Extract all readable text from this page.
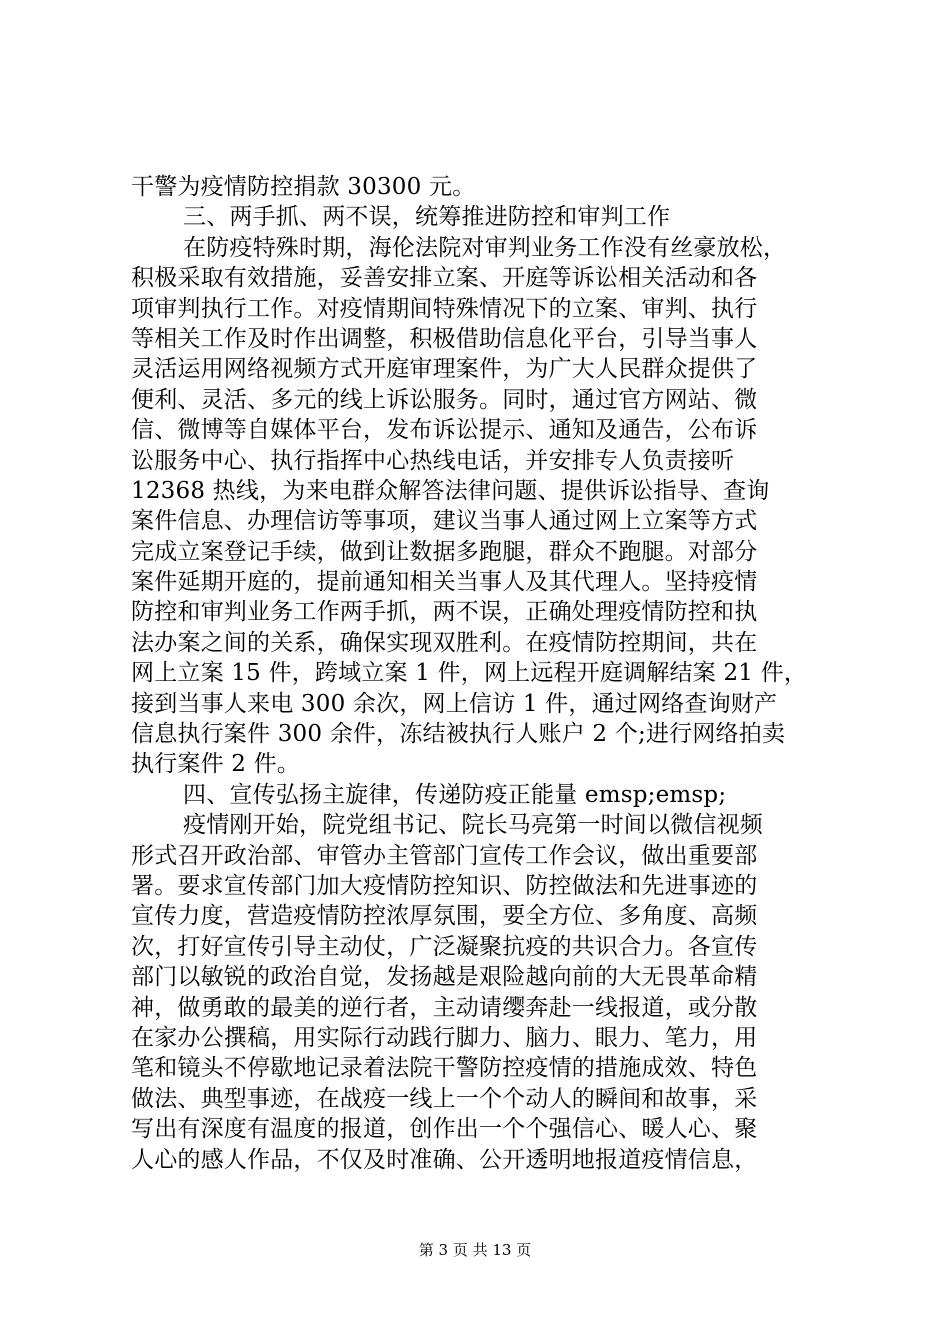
干警为疫情防控捐款 30300 元。
三、两手抓、两不误，统筹推进防控和审判工作
在防疫特殊时期，海伦法院对审判业务工作没有丝豪放松，
积极采取有效措施，妥善安排立案、开庭等诉讼相关活动和各
项审判执行工作。对疫情期间特殊情况下的立案、审判、执行
等相关工作及时作出调整，积极借助信息化平台，引导当事人
灵活运用网络视频方式开庭审理案件，为广大人民群众提供了
便利、灵活、多元的线上诉讼服务。同时，通过官方网站、微
信、微博等自媒体平台，发布诉讼提示、通知及通告，公布诉
讼服务中心、执行指挥中心热线电话，并安排专人负责接听
12368 热线，为来电群众解答法律问题、提供诉讼指导、查询
案件信息、办理信访等事项，建议当事人通过网上立案等方式
完成立案登记手续，做到让数据多跑腿，群众不跑腿。对部分
案件延期开庭的，提前通知相关当事人及其代理人。坚持疫情
防控和审判业务工作两手抓，两不误，正确处理疫情防控和执
法办案之间的关系，确保实现双胜利。在疫情防控期间，共在
网上立案 15 件，跨域立案 1 件，网上远程开庭调解结案 21 件，
接到当事人来电 300 余次，网上信访 1 件，通过网络查询财产
信息执行案件 300 余件，冻结被执行人账户 2 个;进行网络拍卖
执行案件 2 件。
四、宣传弘扬主旋律，传递防疫正能量 emsp;emsp;
疫情刚开始，院党组书记、院长马亮第一时间以微信视频
形式召开政治部、审管办主管部门宣传工作会议，做出重要部
署。要求宣传部门加大疫情防控知识、防控做法和先进事迹的
宣传力度，营造疫情防控浓厚氛围，要全方位、多角度、高频
次，打好宣传引导主动仗，广泛凝聚抗疫的共识合力。各宣传
部门以敏锐的政治自觉，发扬越是艰险越向前的大无畏革命精
神，做勇敢的最美的逆行者，主动请缨奔赴一线报道，或分散
在家办公撰稿，用实际行动践行脚力、脑力、眼力、笔力，用
笔和镜头不停歇地记录着法院干警防控疫情的措施成效、特色
做法、典型事迹，在战疫一线上一个个动人的瞬间和故事，采
写出有深度有温度的报道，创作出一个个强信心、暖人心、聚
人心的感人作品，不仅及时准确、公开透明地报道疫情信息，
第 3 页 共 13 页
